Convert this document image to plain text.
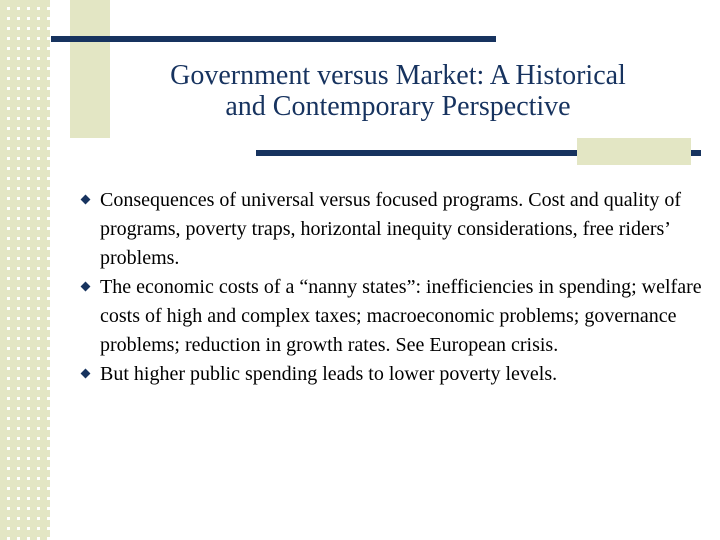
Government versus Market: A Historical
and Contemporary Perspective
Consequences of universal versus focused programs. Cost and quality of programs, poverty traps, horizontal inequity considerations, free riders’ problems.
The economic costs of a “nanny states”: inefficiencies in spending; welfare costs of high and complex taxes; macroeconomic problems; governance problems; reduction in growth rates. See European crisis.
But higher public spending leads to lower poverty levels.
